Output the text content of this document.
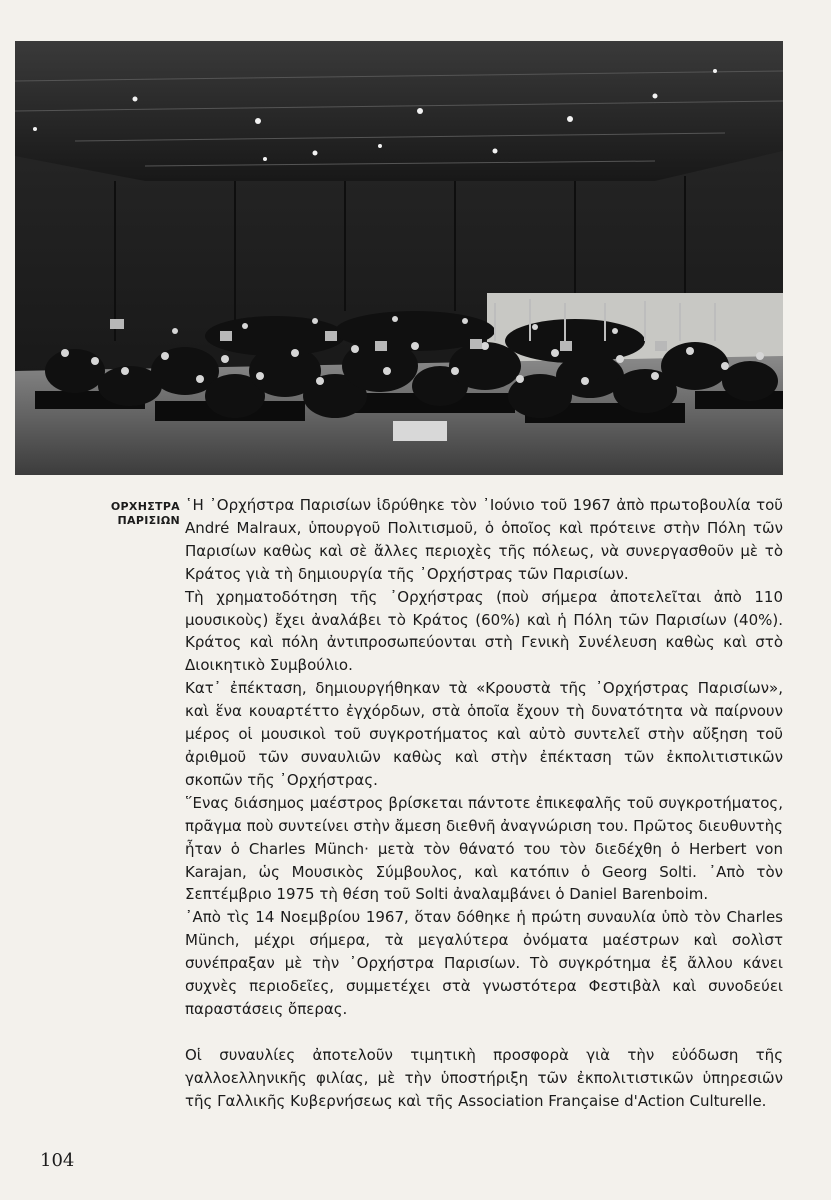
ΟΡΧΗΣΤΡΑ
ΠΑΡΙΣΙΩΝ

῾Η ᾿Ορχήστρα Παρισίων ἱδρύθηκε τὸν ᾿Ιούνιο τοῦ 1967 ἀπὸ πρωτοβουλία τοῦ André Malraux, ὑπουργοῦ Πολιτισμοῦ, ὁ ὁποῖος καὶ πρότεινε στὴν Πόλη τῶν Παρισίων καθὼς καὶ σὲ ἄλλες περιοχὲς τῆς πόλεως, νὰ συνεργασθοῦν μὲ τὸ Κράτος γιὰ τὴ δημιουργία τῆς ᾿Ορχήστρας τῶν Παρισίων.

Τὴ χρηματοδότηση τῆς ᾿Ορχήστρας (ποὺ σήμερα ἀποτελεῖται ἀπὸ 110 μουσικοὺς) ἔχει ἀναλάβει τὸ Κράτος (60%) καὶ ἡ Πόλη τῶν Παρισίων (40%). Κράτος καὶ πόλη ἀντιπροσωπεύονται στὴ Γενικὴ Συνέλευση καθὼς καὶ στὸ Διοικητικὸ Συμβούλιο.

Κατ᾿ ἐπέκταση, δημιουργήθηκαν τὰ «Κρουστὰ τῆς ᾿Ορχήστρας Παρισίων», καὶ ἕνα κουαρτέττο ἐγχόρδων, στὰ ὁποῖα ἔχουν τὴ δυνατότητα νὰ παίρνουν μέρος οἱ μουσικοὶ τοῦ συγκροτήματος καὶ αὐτὸ συντελεῖ στὴν αὔξηση τοῦ ἀριθμοῦ τῶν συναυλιῶν καθὼς καὶ στὴν ἐπέκταση τῶν ἐκπολιτιστικῶν σκοπῶν τῆς ᾿Ορχήστρας.

῞Ενας διάσημος μαέστρος βρίσκεται πάντοτε ἐπικεφαλῆς τοῦ συγκροτήματος, πρᾶγμα ποὺ συντείνει στὴν ἄμεση διεθνῆ ἀναγνώριση του. Πρῶτος διευθυντὴς ἦταν ὁ Charles Münch· μετὰ τὸν θάνατό του τὸν διεδέχθη ὁ Herbert von Karajan, ὡς Μουσικὸς Σύμβουλος, καὶ κατόπιν ὁ Georg Solti. ᾿Απὸ τὸν Σεπτέμβριο 1975 τὴ θέση τοῦ Solti ἀναλαμβάνει ὁ Daniel Barenboim.

᾿Απὸ τὶς 14 Νοεμβρίου 1967, ὅταν δόθηκε ἡ πρώτη συναυλία ὑπὸ τὸν Charles Münch, μέχρι σήμερα, τὰ μεγαλύτερα ὀνόματα μαέστρων καὶ σολὶστ συνέπραξαν μὲ τὴν ᾿Ορχήστρα Παρισίων. Τὸ συγκρότημα ἐξ ἄλλου κάνει συχνὲς περιοδεῖες, συμμετέχει στὰ γνωστότερα Φεστιβὰλ καὶ συνοδεύει παραστάσεις ὄπερας.

Οἱ συναυλίες ἀποτελοῦν τιμητικὴ προσφορὰ γιὰ τὴν εὐόδωση τῆς γαλλοελληνικῆς φιλίας, μὲ τὴν ὑποστήριξη τῶν ἐκπολιτιστικῶν ὑπηρεσιῶν τῆς Γαλλικῆς Κυβερνήσεως καὶ τῆς Association Française d'Action Culturelle.

104
